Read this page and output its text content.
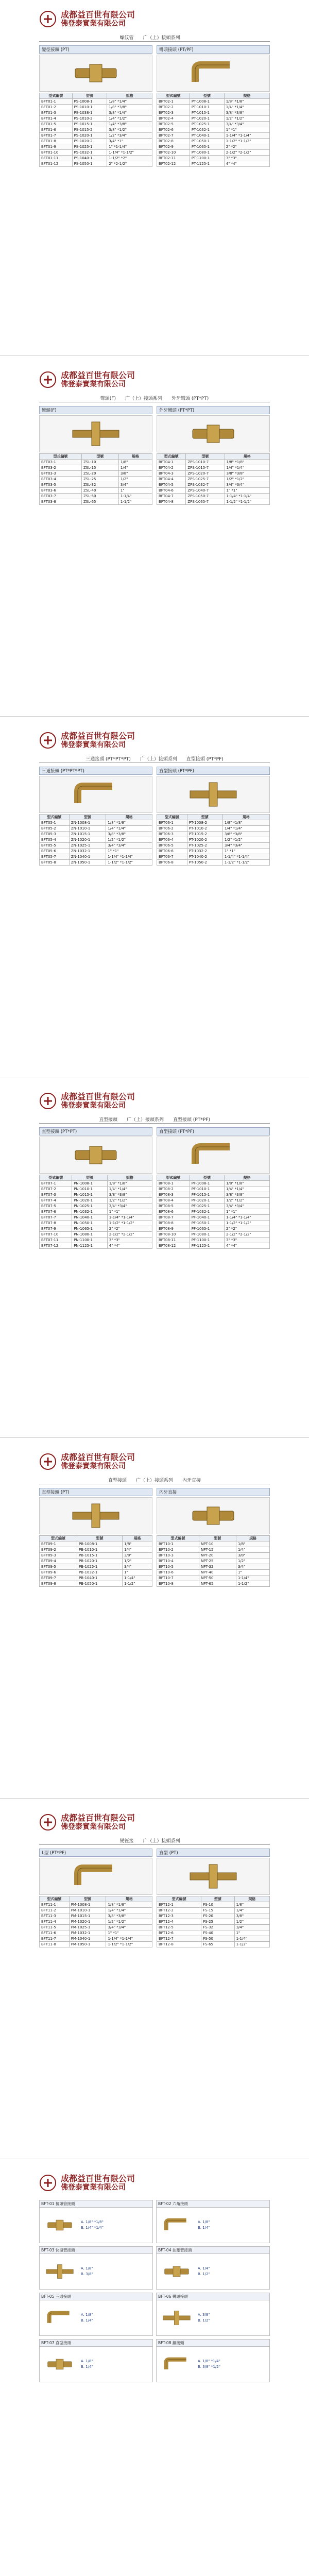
成都益百世有限公司
佛登泰實業有限公司
螺紋管 广（上）接頭系列
變徑接頭 (PT)
型式編號	型號	規格
BFT01-1	PS-1008-1	1/8" *1/4"
BFT01-2	PS-1010-1	1/8" *3/8"
BFT01-3	PS-1038-1	3/8" *1/4"
BFT01-4	PS-1010-2	1/4" *1/2"
BFT01-5	PS-1015-1	1/4" *3/8"
BFT01-6	PS-1015-2	3/8" *1/2"
BFT01-7	PS-1020-1	1/2" *3/4"
BFT01-8	PS-1020-2	3/4" *1"
BFT01-9	PS-1025-1	1" *1-1/4"
BFT01-10	PS-1032-1	1-1/4" *1-1/2"
BFT01-11	PS-1040-1	1-1/2" *2"
BFT01-12	PS-1050-1	2" *2-1/2"
彎頭接頭 (PT/PF)
型式編號	型號	規格
BFT02-1	PT-1008-1	1/8" *1/8"
BFT02-2	PT-1010-1	1/4" *1/4"
BFT02-3	PT-1015-1	3/8" *3/8"
BFT02-4	PT-1020-1	1/2" *1/2"
BFT02-5	PT-1025-1	3/4" *3/4"
BFT02-6	PT-1032-1	1" *1"
BFT02-7	PT-1040-1	1-1/4" *1-1/4"
BFT02-8	PT-1050-1	1-1/2" *1-1/2"
BFT02-9	PT-1065-1	2" *2"
BFT02-10	PT-1080-1	2-1/2" *2-1/2"
BFT02-11	PT-1100-1	3" *3"
BFT02-12	PT-1125-1	4" *4"
成都益百世有限公司
佛登泰實業有限公司
彎頭(F) 广（上）接頭系列 外牙彎頭 (PT*PT)
彎頭(F)
型式編號	型號	規格
BFT03-1	ZSL-10	1/8"
BFT03-2	ZSL-15	1/4"
BFT03-3	ZSL-20	3/8"
BFT03-4	ZSL-25	1/2"
BFT03-5	ZSL-32	3/4"
BFT03-6	ZSL-40	1"
BFT03-7	ZSL-50	1-1/4"
BFT03-8	ZSL-65	1-1/2"
外牙彎頭 (PT*PT)
型式編號	型號	規格
BFT04-1	ZPS-1010-7	1/8" *1/8"
BFT04-2	ZPS-1015-7	1/4" *1/4"
BFT04-3	ZPS-1020-7	3/8" *3/8"
BFT04-4	ZPS-1025-7	1/2" *1/2"
BFT04-5	ZPS-1032-7	3/4" *3/4"
BFT04-6	ZPS-1040-7	1" *1"
BFT04-7	ZPS-1050-7	1-1/4" *1-1/4"
BFT04-8	ZPS-1065-7	1-1/2" *1-1/2"
成都益百世有限公司
佛登泰實業有限公司
三通接頭 (PT*PT*PT) 广（上）接頭系列 直型接頭 (PT*PF)
三通接頭 (PT*PT*PT)
型式編號	型號	規格
BFT05-1	ZN-1008-1	1/8" *1/8"
BFT05-2	ZN-1010-1	1/4" *1/4"
BFT05-3	ZN-1015-1	3/8" *3/8"
BFT05-4	ZN-1020-1	1/2" *1/2"
BFT05-5	ZN-1025-1	3/4" *3/4"
BFT05-6	ZN-1032-1	1" *1"
BFT05-7	ZN-1040-1	1-1/4" *1-1/4"
BFT05-8	ZN-1050-1	1-1/2" *1-1/2"
直型接頭 (PT*PF)
型式編號	型號	規格
BFT06-1	PT-1008-2	1/8" *1/8"
BFT06-2	PT-1010-2	1/4" *1/4"
BFT06-3	PT-1015-2	3/8" *3/8"
BFT06-4	PT-1020-2	1/2" *1/2"
BFT06-5	PT-1025-2	3/4" *3/4"
BFT06-6	PT-1032-2	1" *1"
BFT06-7	PT-1040-2	1-1/4" *1-1/4"
BFT06-8	PT-1050-2	1-1/2" *1-1/2"
成都益百世有限公司
佛登泰實業有限公司
直型接頭 广（上）接頭系列 直型接頭 (PT*PF)
直型接頭 (PT*PT)
型式編號	型號	規格
BFT07-1	PN-1008-1	1/8" *1/8"
BFT07-2	PN-1010-1	1/4" *1/4"
BFT07-3	PN-1015-1	3/8" *3/8"
BFT07-4	PN-1020-1	1/2" *1/2"
BFT07-5	PN-1025-1	3/4" *3/4"
BFT07-6	PN-1032-1	1" *1"
BFT07-7	PN-1040-1	1-1/4" *1-1/4"
BFT07-8	PN-1050-1	1-1/2" *1-1/2"
BFT07-9	PN-1065-1	2" *2"
BFT07-10	PN-1080-1	2-1/2" *2-1/2"
BFT07-11	PN-1100-1	3" *3"
BFT07-12	PN-1125-1	4" *4"
直型接頭 (PT*PF)
型式編號	型號	規格
BFT08-1	PF-1008-1	1/8" *1/8"
BFT08-2	PF-1010-1	1/4" *1/4"
BFT08-3	PF-1015-1	3/8" *3/8"
BFT08-4	PF-1020-1	1/2" *1/2"
BFT08-5	PF-1025-1	3/4" *3/4"
BFT08-6	PF-1032-1	1" *1"
BFT08-7	PF-1040-1	1-1/4" *1-1/4"
BFT08-8	PF-1050-1	1-1/2" *1-1/2"
BFT08-9	PF-1065-1	2" *2"
BFT08-10	PF-1080-1	2-1/2" *2-1/2"
BFT08-11	PF-1100-1	3" *3"
BFT08-12	PF-1125-1	4" *4"
成都益百世有限公司
佛登泰實業有限公司
直型接頭 广（上）接頭系列 內牙直接
直型接頭 (PT)
型式編號	型號	規格
BFT09-1	PB-1008-1	1/8"
BFT09-2	PB-1010-1	1/4"
BFT09-3	PB-1015-1	3/8"
BFT09-4	PB-1020-1	1/2"
BFT09-5	PB-1025-1	3/4"
BFT09-6	PB-1032-1	1"
BFT09-7	PB-1040-1	1-1/4"
BFT09-8	PB-1050-1	1-1/2"
內牙直接
型式編號	型號	規格
BFT10-1	NPT-10	1/8"
BFT10-2	NPT-15	1/4"
BFT10-3	NPT-20	3/8"
BFT10-4	NPT-25	1/2"
BFT10-5	NPT-32	3/4"
BFT10-6	NPT-40	1"
BFT10-7	NPT-50	1-1/4"
BFT10-8	NPT-65	1-1/2"
成都益百世有限公司
佛登泰實業有限公司
變徑接 广（上）接頭系列
L型 (PT*PF)
型式編號	型號	規格
BFT11-1	PM-1008-1	1/8" *1/8"
BFT11-2	PM-1010-1	1/4" *1/4"
BFT11-3	PM-1015-1	3/8" *3/8"
BFT11-4	PM-1020-1	1/2" *1/2"
BFT11-5	PM-1025-1	3/4" *3/4"
BFT11-6	PM-1032-1	1" *1"
BFT11-7	PM-1040-1	1-1/4" *1-1/4"
BFT11-8	PM-1050-1	1-1/2" *1-1/2"
直型 (PT)
型式編號	型號	規格
BFT12-1	FS-10	1/8"
BFT12-2	FS-15	1/4"
BFT12-3	FS-20	3/8"
BFT12-4	FS-25	1/2"
BFT12-5	FS-32	3/4"
BFT12-6	FS-40	1"
BFT12-7	FS-50	1-1/4"
BFT12-8	FS-65	1-1/2"
成都益百世有限公司
佛登泰實業有限公司
BFT-01 接頭管接頭
A. 1/8" *1/8"
B. 1/4" *1/4"
BFT-02 六角接頭
A. 1/8"
B. 1/4"
BFT-03 快速管接頭
A. 1/8"
B. 3/8"
BFT-04 油壓管接頭
A. 1/4"
B. 1/2"
BFT-05 三通接頭
A. 1/8"
B. 1/4"
BFT-06 彎頭接頭
A. 3/8"
B. 1/2"
BFT-07 直型接頭
A. 1/8"
B. 1/4"
BFT-08 銅接頭
A. 1/8" *1/4"
B. 3/8" *1/2"
